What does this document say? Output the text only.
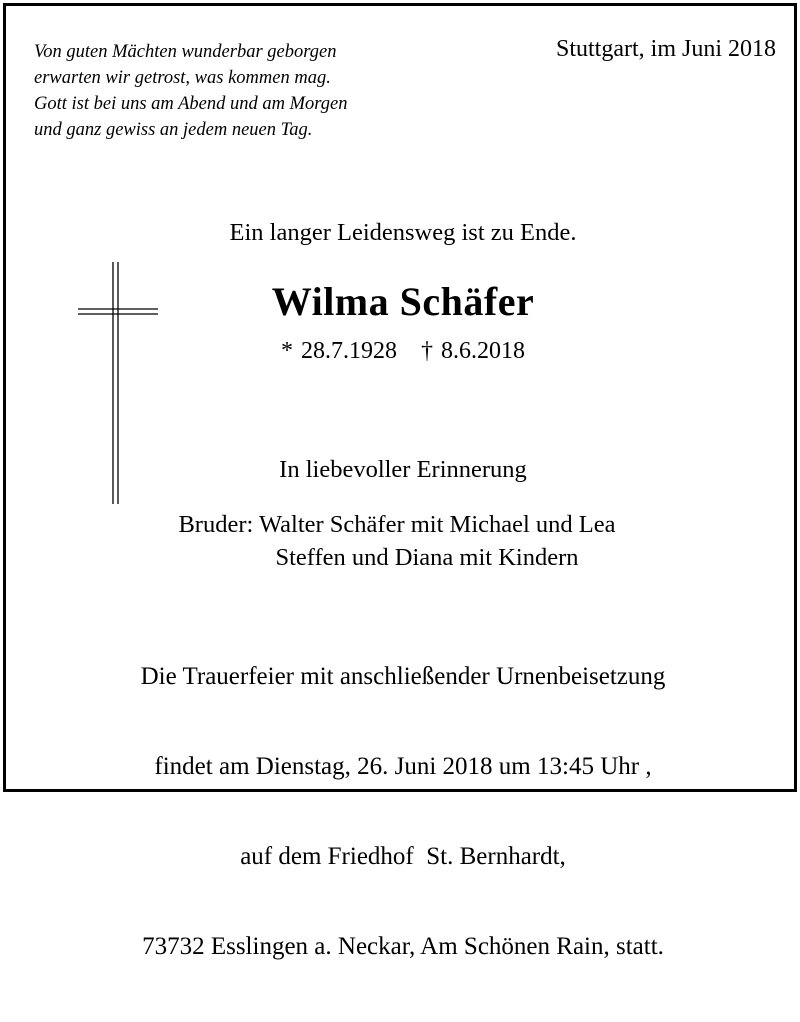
Von guten Mächten wunderbar geborgen
erwarten wir getrost, was kommen mag.
Gott ist bei uns am Abend und am Morgen
und ganz gewiss an jedem neuen Tag.
Stuttgart, im Juni 2018
Ein langer Leidensweg ist zu Ende.
Wilma Schäfer
* 28.7.1928   † 8.6.2018
In liebevoller Erinnerung
Bruder: Walter Schäfer mit Michael und Lea
Steffen und Diana mit Kindern

Die Trauerfeier mit anschließender Urnenbeisetzung

findet am Dienstag, 26. Juni 2018 um 13:45 Uhr ,

auf dem Friedhof  St. Bernhardt,

73732 Esslingen a. Neckar, Am Schönen Rain, statt.
